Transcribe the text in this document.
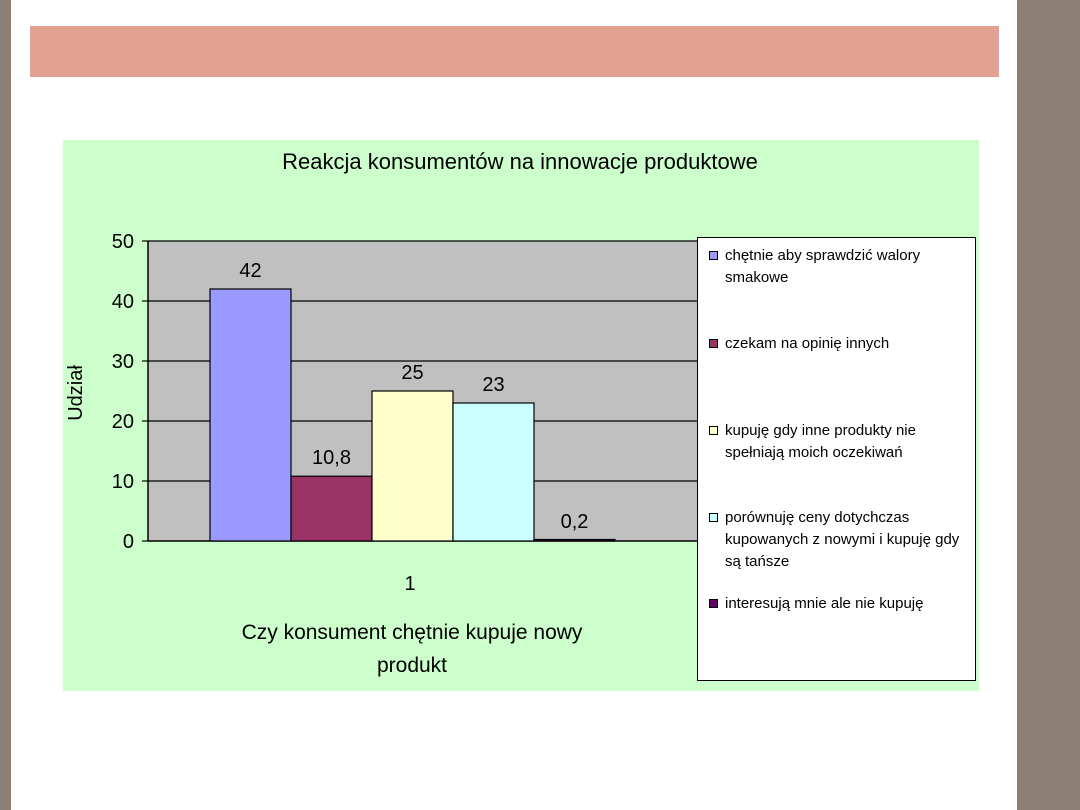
Reakcja konsumentów na innowacje produktowe
0
10
20
30
40
50
42
10,8
25
23
0,2
1
Czy konsument chętnie kupuje nowy
produkt
Udział
chętnie aby sprawdzić walory smakowe
czekam na opinię innych
kupuję gdy inne produkty nie spełniają moich oczekiwań
porównuję ceny dotychczas kupowanych z nowymi i kupuję gdy są tańsze
interesują mnie ale nie kupuję
